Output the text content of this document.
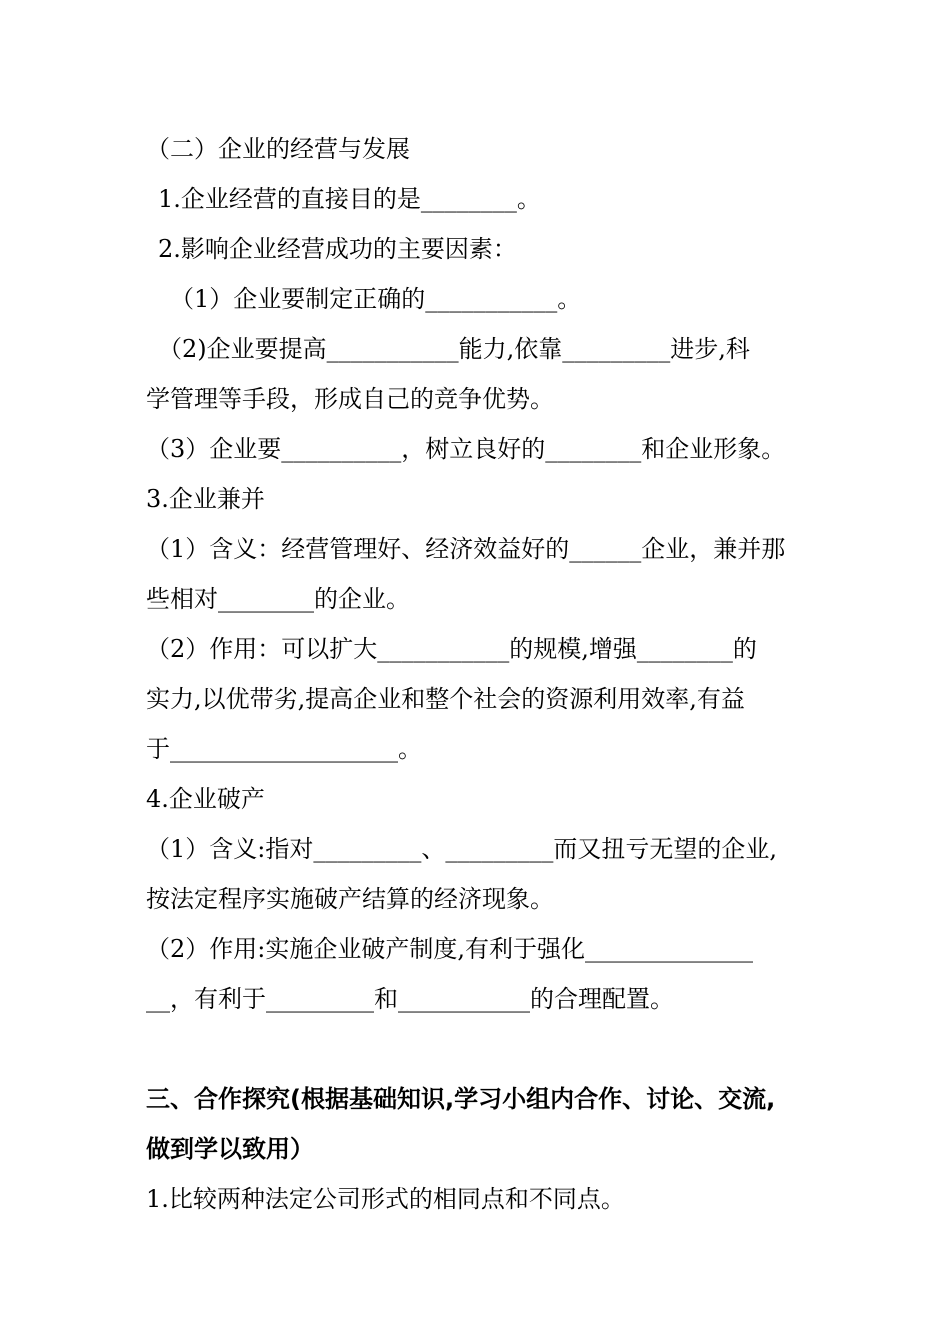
（二）企业的经营与发展
1.企业经营的直接目的是________。
2.影响企业经营成功的主要因素：
（1）企业要制定正确的___________。
（2)企业要提高___________能力,依靠_________进步,科
学管理等手段，形成自己的竞争优势。
（3）企业要__________，树立良好的________和企业形象。
3.企业兼并
（1）含义：经营管理好、经济效益好的______企业，兼并那
些相对________的企业。
（2）作用：可以扩大___________的规模,增强________的
实力,以优带劣,提高企业和整个社会的资源利用效率,有益
于___________________。
4.企业破产
（1）含义:指对_________、_________而又扭亏无望的企业,
按法定程序实施破产结算的经济现象。
（2）作用:实施企业破产制度,有利于强化______________
__，有利于_________和___________的合理配置。
三、合作探究(根据基础知识,学习小组内合作、讨论、交流,
做到学以致用）
1.比较两种法定公司形式的相同点和不同点。
